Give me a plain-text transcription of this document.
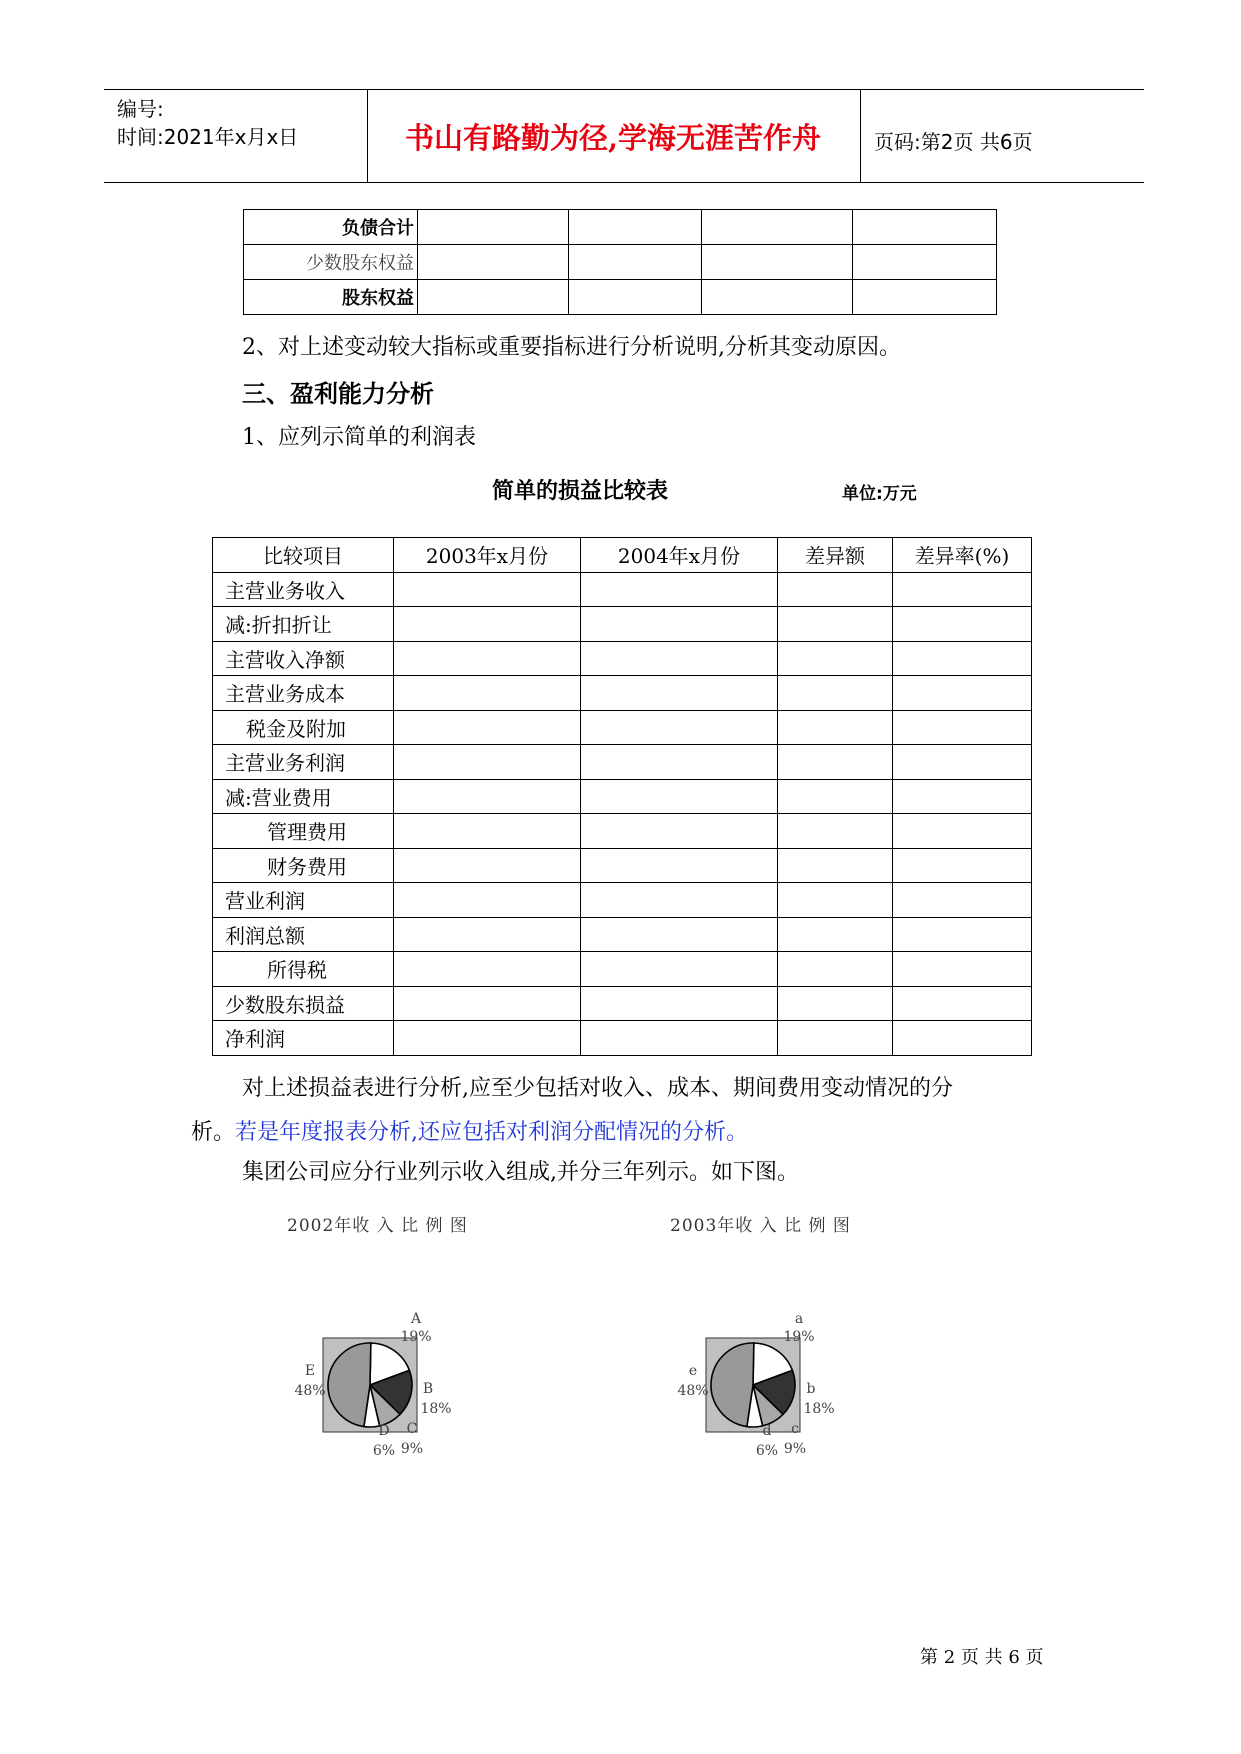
编号:
时间:2021年x月x日	书山有路勤为径,学海无涯苦作舟	页码:第2页 共6页
负债合计				
少数股东权益				
股东权益				
2、对上述变动较大指标或重要指标进行分析说明,分析其变动原因。
三、盈利能力分析
1、应列示简单的利润表
简单的损益比较表	单位:万元
比较项目	2003年x月份	2004年x月份	差异额	差异率(%)
主营业务收入				
减:折扣折让				
主营收入净额				
主营业务成本				
税金及附加				
主营业务利润				
减:营业费用				
管理费用				
财务费用				
营业利润				
利润总额				
所得税				
少数股东损益				
净利润				
对上述损益表进行分析,应至少包括对收入、成本、期间费用变动情况的分
析。若是年度报表分析,还应包括对利润分配情况的分析。
集团公司应分行业列示收入组成,并分三年列示。如下图。
2002年收 入 比 例 图	2003年收 入 比 例 图
A
19%
B
18%
C
9%
D
6%
E
48%
a
19%
b
18%
c
9%
d
6%
e
48%
第 2 页 共 6 页
